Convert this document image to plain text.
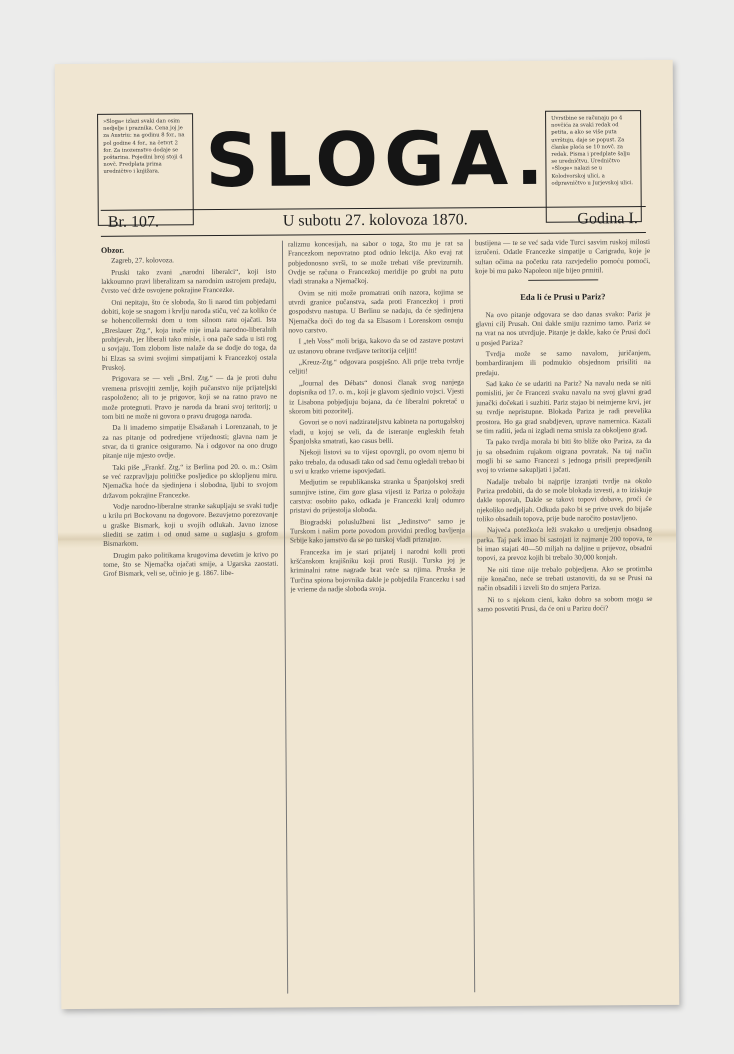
»Sloga« izlazi svaki dan osim nedjelje i praznika. Cena joj je za Austriu: na godinu 8 for., na pol godine 4 for., na četvrt 2 for. Za inozemstvo dodaje se poštarina. Pojedini broj stoji 4 novč. Predplata prima uredničtvo i knjižara. SLOGA. Uvrstbine se računaju po 4 novčića za svaki redak od petita, a ako se više puta uvrštuju, daje se popust. Za članke plaća se 10 novč. za redak. Pisma i predplate šalju se uredničtvu. Uredničtvo »Sloge« nalazi se u Kolodvorskoj ulici, a odpravničtvo u Jurjevskoj ulici.
Br. 107.	U subotu 27. kolovoza 1870.	Godina I.

Obzor.

Zagreb, 27. kolovoza.

Pruski tako zvani „narodni liberalci“, koji isto lakkoumno pravi liberalizam sa narodnim ustrojem predaju, čvrsto već drže osvojene pokrajine Francezke.

Oni nepitaju, što će sloboda, što li narod tim pobjedami dobiti, koje se snagom i krvlju naroda stiču, već za koliko će se hohencollernski dom u tom silnom ratu ojačati. Ista „Breslauer Ztg.“, koja inače nije imala narodno-liberalnih prohtjevah, jer liberali tako misle, i ona pače sada u isti rog u sovjaju. Tom zlobom liste nalaže da se dodje do toga, da bi Elzas sa svimi svojimi simpatijami k Francezkoj ostala Pruskoj.

Prigovara se — veli „Brsl. Ztg.“ — da je proti duhu vremena prisvojiti zemlje, kojih pučanstvo nije prijateljski raspoloženo; ali to je prigovor, koji se na ratno pravo ne može protegnuti. Pravo je naroda da brani svoj teritorij; u tom biti ne može ni govora o pravu drugoga naroda.

Da li imademo simpatije Elsažanah i Lorenzanah, to je za nas pitanje od podredjene vrijednosti; glavna nam je stvar, da ti granice osiguramo. Na i odgovor na ono drugo pitanje nije mjesto ovdje.

Taki piše „Frankf. Ztg.“ iz Berlina pod 20. o. m.: Osim se već razpravljaju političke posljedice po sklopljenu miru. Njemačka hoće da sjedinjena i slobodna, ljubi to svojom državom pokrajine Francezke.

Vodje narodno-liberalne stranke sakupljaju se svaki tudje u krilu pri Bockovanu na dogovore. Bezuvjetno porezovanje u graške Bismark, koji u svojih odlukah. Javno iznose sliediti se zatim i od onud same u suglasju s grofom Bismarkom.

Drugim pako politikama krugovima devetim je krivo po tome, što se Njemačka ojačati smije, a Ugarska zaostati. Grof Bismark, veli se, učinio je g. 1867. libe-

ralizmu koncesijah, na sabor o toga, što mu je rat sa Francezkom nepovratno ptod odnio lekcija. Ako evaj rat pobjedonosno svrši, to se može trebati više previzurnih. Ovdje se računa o Francezkoj meridije po grubi na putu vladi stranaka a Njemačkoj.

Ovim se niti može promatrati onih nazora, kojima se utvrdi granice pučanstva, sada proti Francezkoj i proti gospodstvu nastupa. U Berlinu se nadaju, da će sjedinjena Njemačka doći do tog da sa Elsasom i Lorenskom osnuju novo carstvo.

I „teh Voss“ moli briga, kakovo da se od zastave postavi uz ustanovu obrane tvrdjave teritorija celjiti!

„Kreuz-Ztg.“ odgovara pospješno. Ali prije treba tvrdje celjiti!

„Journal des Débats“ donosi članak svog nanjega dopisnika od 17. o. m., koji je glavom sjedinio vojsci. Vjesti iz Lisabona pobjedjuju bojana, da će liberalni pokretač u skorom biti pozoritelj.

Govori se o novi nadzirateljstvu kabineta na portugalskoj vladi, u kojoj se veli, da de isteranje engleskih fetah Španjolska smatrati, kao casus belli.

Njekoji listovi su to vijest opovrgli, po ovom njemu bi pako trebalo, da odusadi tako od sad čemu ogledali trebao bi u svi u kratko vrieme ispovjedati.

Medjutim se republikanska stranka u Španjolskoj sredi sumnjive istine, čim gore glasa vijesti iz Pariza o položaju carstva: osobito pako, odkada je Francezki kralj odumro pristavi do prijestolja sloboda.

Biogradski poluslužbeni list „Jedinstvo“ samo je Turskom i našim porte povodom providni predlog bavljenja Srbije kako jamstvo da se po turskoj vladi priznajao.

Francezka im je stari prijatelj i narodni kolli proti kršćanskom krajišniku koji proti Rusiji. Turska joj je kriminalni ratne nagrade brat veće sa njima. Pruska je Turčina spiona bojovnika dakle je pobjedila Francezku i sad je vrieme da nadje sloboda svoja.

bustijena — te se već sada vide Turci sasvim ruskoj milosti izručeni. Odatle Francezke simpatije u Carigradu, koje je sultan očima na početku rata razvjedelio pomoću pomoći, koje bi mu pako Napoleon nije bijeo prmitil.

Eda li će Prusi u Pariz?

Na ovo pitanje odgovara se dao danas svako: Pariz je glavni cilj Prusah. Oni dakle smiju raznimo tamo. Pariz se na vrat na nos utvrdjuje. Pitanje je dakle, kako će Prusi doći u posjed Pariza?

Tvrdja može se samo navalom, juričanjem, bombardiranjem ili podmukio obsjednom prisiliti na predaju.

Sad kako će se udariti na Pariz? Na navalu neda se niti pomisliti, jer če Francezi svaku navalu na svoj glavni grad junački dočekati i suzbiti. Pariz stajao bi neimjerne krvi, jer su tvrdje nepristupne. Blokada Pariza je radi prevelika prostora. Ho ga grad snabdjeven, uprave namernica. Kazali se tim raditi, jeda ni izgladi nema smisla za obkoljeno grad.

Ta pako tvrdja morala bi biti što bliže oko Pariza, za da ju sa obsednim rujakom oigrana povratak. Na taj način mogli bi se samo Francezi s jednoga prisili prepredjenih svoj to vrieme sakupljati i jačati.

Nadalje trebalo bi najprije izranjati tvrdje na okolo Pariza predobiti, da do se mole blokada izvesti, a to iziskuje dakle topovah, Dakle se takovi topovi dobave, proći će njekoliko nedjeljah. Odkuda pako bi se prive uvek do bijaše toliko obsadnih topova, prije bude naročito postavljeno.

Najveća potežkoća leži svakako u uredjenju obsadnog parka. Taj park imao bi sastojati iz najmanje 200 topova, te bi imao stajati 40—50 miljah na daljine u prijevoz, obsadni topovi, za prevoz kojih bi trebalo 30,000 konjah.

Ne niti time nije trebalo pobjedjena. Ako se protimba nije konačno, neće se trebati ustanoviti, da su se Prusi na način obsadili i izveli što do smjera Pariza.

Ni to s njekom cieni, kako dobro sa sobom mogu se samo posvetiti Prusi, da će oni u Parizu doći?
